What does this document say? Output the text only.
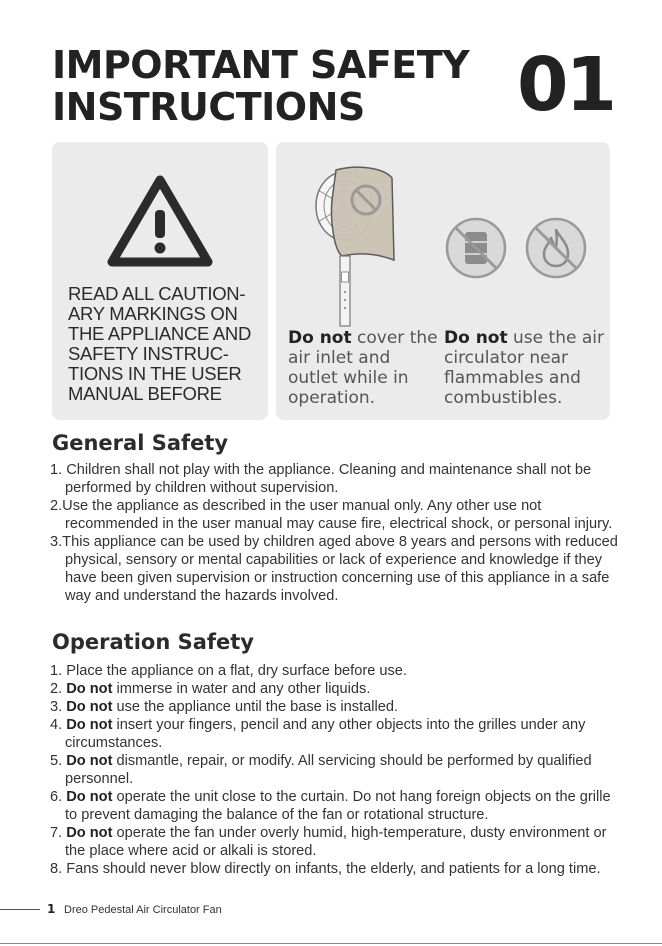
IMPORTANT SAFETY
INSTRUCTIONS	01
READ ALL CAUTION-
ARY MARKINGS ON
THE APPLIANCE AND
SAFETY INSTRUC-
TIONS IN THE USER
MANUAL BEFORE
Do not cover the air inlet and outlet while in operation.
Do not use the air circulator near flammables and combustibles.
General Safety
1. Children shall not play with the appliance. Cleaning and maintenance shall not be performed by children without supervision.
2.Use the appliance as described in the user manual only. Any other use not recommended in the user manual may cause fire, electrical shock, or personal injury.
3.This appliance can be used by children aged above 8 years and persons with reduced physical, sensory or mental capabilities or lack of experience and knowledge if they have been given supervision or instruction concerning use of this appliance in a safe way and understand the hazards involved.
Operation Safety
1. Place the appliance on a flat, dry surface before use.
2. Do not immerse in water and any other liquids.
3. Do not use the appliance until the base is installed.
4. Do not insert your fingers, pencil and any other objects into the grilles under any circumstances.
5. Do not dismantle, repair, or modify. All servicing should be performed by qualified personnel.
6. Do not operate the unit close to the curtain. Do not hang foreign objects on the grille to prevent damaging the balance of the fan or rotational structure.
7. Do not operate the fan under overly humid, high-temperature, dusty environment or the place where acid or alkali is stored.
8. Fans should never blow directly on infants, the elderly, and patients for a long time.
1 Dreo Pedestal Air Circulator Fan
